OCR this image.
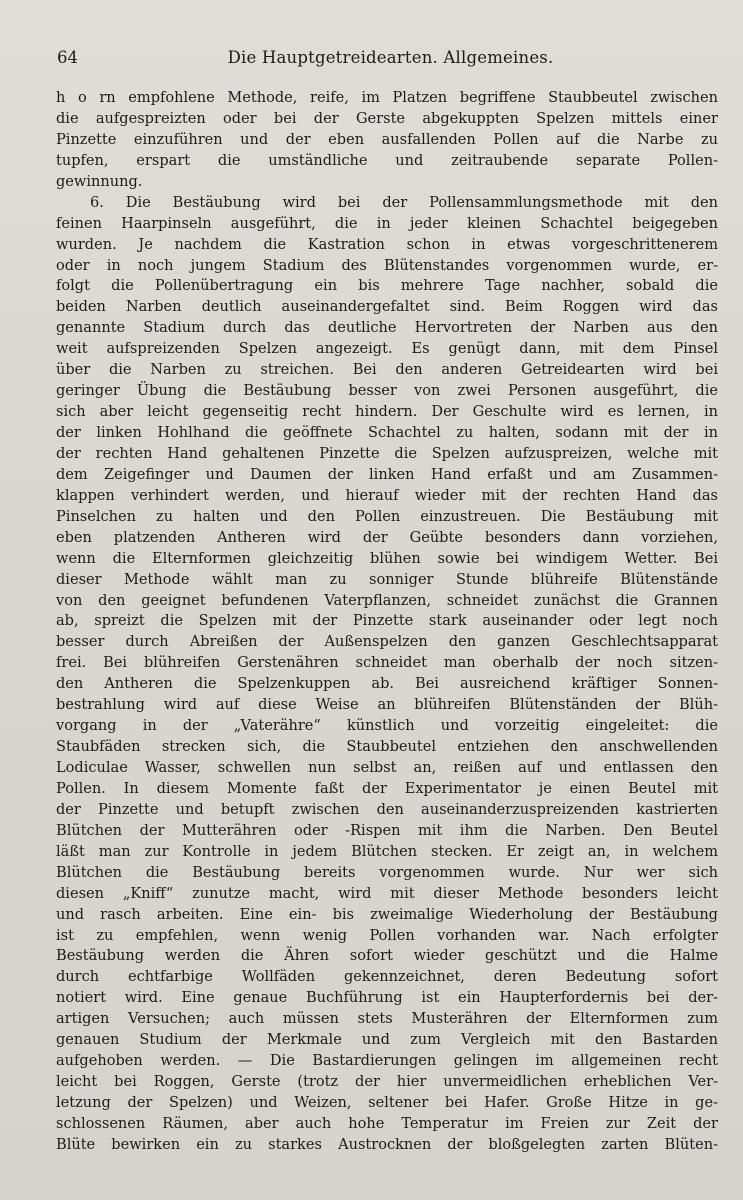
64	Die Hauptgetreidearten. Allgemeines.
h o rn empfohlene Methode, reife, im Platzen begriffene Staubbeutel zwischen
die aufgespreizten oder bei der Gerste abgekuppten Spelzen mittels einer
Pinzette einzuführen und der eben ausfallenden Pollen auf die Narbe zu
tupfen, erspart die umständliche und zeitraubende separate Pollen-
gewinnung.
6. Die Bestäubung wird bei der Pollensammlungsmethode mit den
feinen Haarpinseln ausgeführt, die in jeder kleinen Schachtel beigegeben
wurden. Je nachdem die Kastration schon in etwas vorgeschrittenerem
oder in noch jungem Stadium des Blütenstandes vorgenommen wurde, er-
folgt die Pollenübertragung ein bis mehrere Tage nachher, sobald die
beiden Narben deutlich auseinandergefaltet sind. Beim Roggen wird das
genannte Stadium durch das deutliche Hervortreten der Narben aus den
weit aufspreizenden Spelzen angezeigt. Es genügt dann, mit dem Pinsel
über die Narben zu streichen. Bei den anderen Getreidearten wird bei
geringer Übung die Bestäubung besser von zwei Personen ausgeführt, die
sich aber leicht gegenseitig recht hindern. Der Geschulte wird es lernen, in
der linken Hohlhand die geöffnete Schachtel zu halten, sodann mit der in
der rechten Hand gehaltenen Pinzette die Spelzen aufzuspreizen, welche mit
dem Zeigefinger und Daumen der linken Hand erfaßt und am Zusammen-
klappen verhindert werden, und hierauf wieder mit der rechten Hand das
Pinselchen zu halten und den Pollen einzustreuen. Die Bestäubung mit
eben platzenden Antheren wird der Geübte besonders dann vorziehen,
wenn die Elternformen gleichzeitig blühen sowie bei windigem Wetter. Bei
dieser Methode wählt man zu sonniger Stunde blühreife Blütenstände
von den geeignet befundenen Vaterpflanzen, schneidet zunächst die Grannen
ab, spreizt die Spelzen mit der Pinzette stark auseinander oder legt noch
besser durch Abreißen der Außenspelzen den ganzen Geschlechtsapparat
frei. Bei blühreifen Gerstenähren schneidet man oberhalb der noch sitzen-
den Antheren die Spelzenkuppen ab. Bei ausreichend kräftiger Sonnen-
bestrahlung wird auf diese Weise an blühreifen Blütenständen der Blüh-
vorgang in der „Vaterähre“ künstlich und vorzeitig eingeleitet: die
Staubfäden strecken sich, die Staubbeutel entziehen den anschwellenden
Lodiculae Wasser, schwellen nun selbst an, reißen auf und entlassen den
Pollen. In diesem Momente faßt der Experimentator je einen Beutel mit
der Pinzette und betupft zwischen den auseinanderzuspreizenden kastrierten
Blütchen der Mutterähren oder -Rispen mit ihm die Narben. Den Beutel
läßt man zur Kontrolle in jedem Blütchen stecken. Er zeigt an, in welchem
Blütchen die Bestäubung bereits vorgenommen wurde. Nur wer sich
diesen „Kniff“ zunutze macht, wird mit dieser Methode besonders leicht
und rasch arbeiten. Eine ein- bis zweimalige Wiederholung der Bestäubung
ist zu empfehlen, wenn wenig Pollen vorhanden war. Nach erfolgter
Bestäubung werden die Ähren sofort wieder geschützt und die Halme
durch echtfarbige Wollfäden gekennzeichnet, deren Bedeutung sofort
notiert wird. Eine genaue Buchführung ist ein Haupterfordernis bei der-
artigen Versuchen; auch müssen stets Musterähren der Elternformen zum
genauen Studium der Merkmale und zum Vergleich mit den Bastarden
aufgehoben werden. — Die Bastardierungen gelingen im allgemeinen recht
leicht bei Roggen, Gerste (trotz der hier unvermeidlichen erheblichen Ver-
letzung der Spelzen) und Weizen, seltener bei Hafer. Große Hitze in ge-
schlossenen Räumen, aber auch hohe Temperatur im Freien zur Zeit der
Blüte bewirken ein zu starkes Austrocknen der bloßgelegten zarten Blüten-
